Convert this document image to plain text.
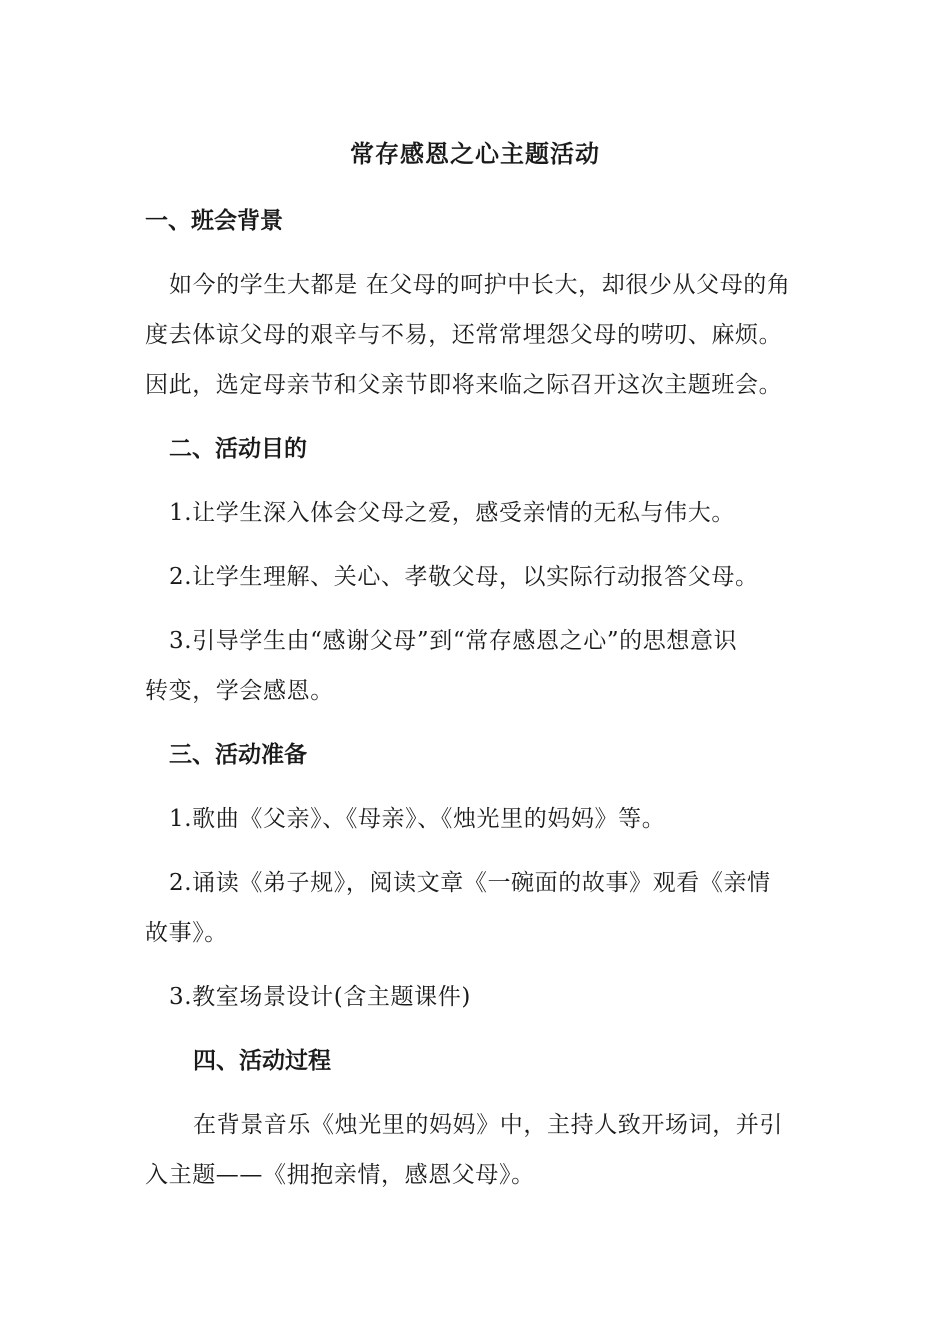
常存感恩之心主题活动
一、班会背景
如今的学生大都是 在父母的呵护中长大，却很少从父母的角
度去体谅父母的艰辛与不易，还常常埋怨父母的唠叨、麻烦。
因此，选定母亲节和父亲节即将来临之际召开这次主题班会。
二、活动目的
1.让学生深入体会父母之爱，感受亲情的无私与伟大。
2.让学生理解、关心、孝敬父母，以实际行动报答父母。
3.引导学生由“感谢父母”到“常存感恩之心”的思想意识
转变，学会感恩。
三、活动准备
1.歌曲《父亲》、《母亲》、《烛光里的妈妈》等。
2.诵读《弟子规》，阅读文章《一碗面的故事》观看《亲情
故事》。
3.教室场景设计(含主题课件)
四、活动过程
在背景音乐《烛光里的妈妈》中，主持人致开场词，并引
入主题——《拥抱亲情，感恩父母》。
